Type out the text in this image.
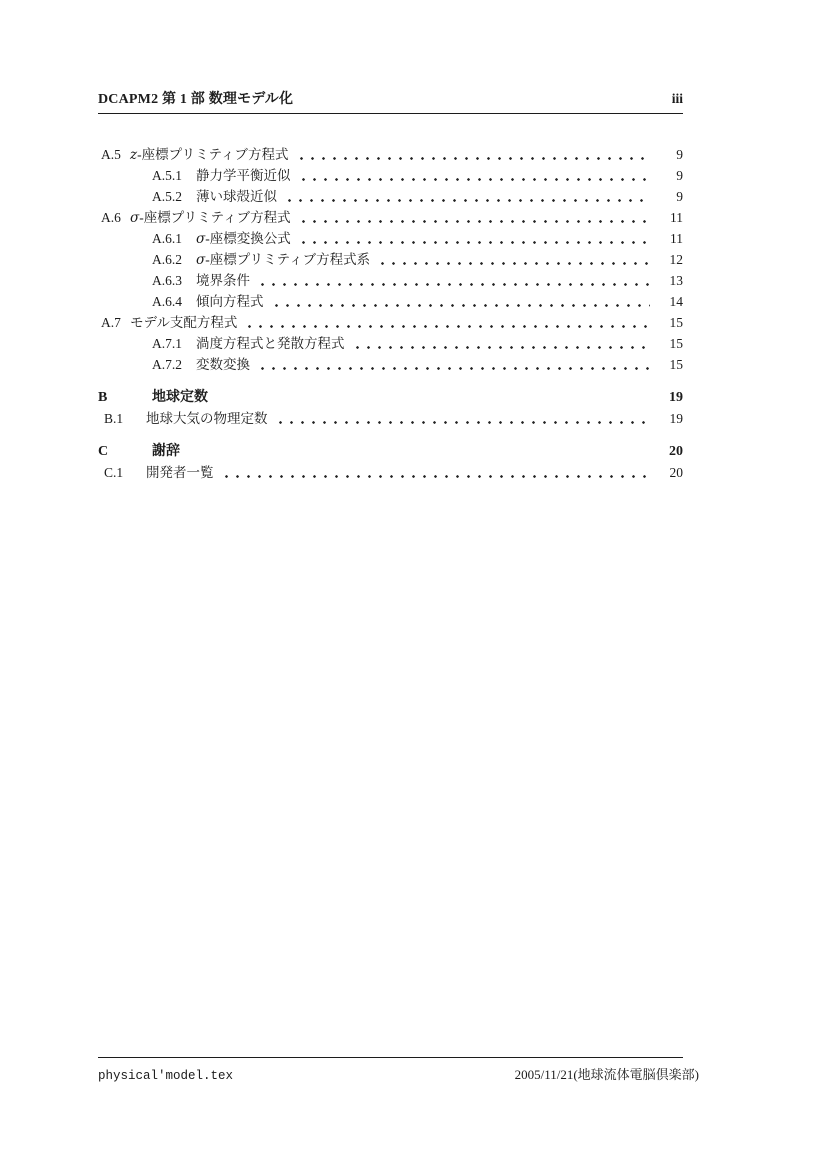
DCAPM2 第 1 部 数理モデル化	iii
A.5 z-座標プリミティブ方程式	9
A.5.1	静力学平衡近似	9
A.5.2	薄い球殻近似	9
A.6 σ-座標プリミティブ方程式	11
A.6.1	σ-座標変換公式	11
A.6.2	σ-座標プリミティブ方程式系	12
A.6.3	境界条件	13
A.6.4	傾向方程式	14
A.7 モデル支配方程式	15
A.7.1	渦度方程式と発散方程式	15
A.7.2	変数変換	15
B	地球定数	19
B.1	地球大気の物理定数	19
C	謝辞	20
C.1	開発者一覧	20
physical'model.tex	2005/11/21(地球流体電脳倶楽部)
